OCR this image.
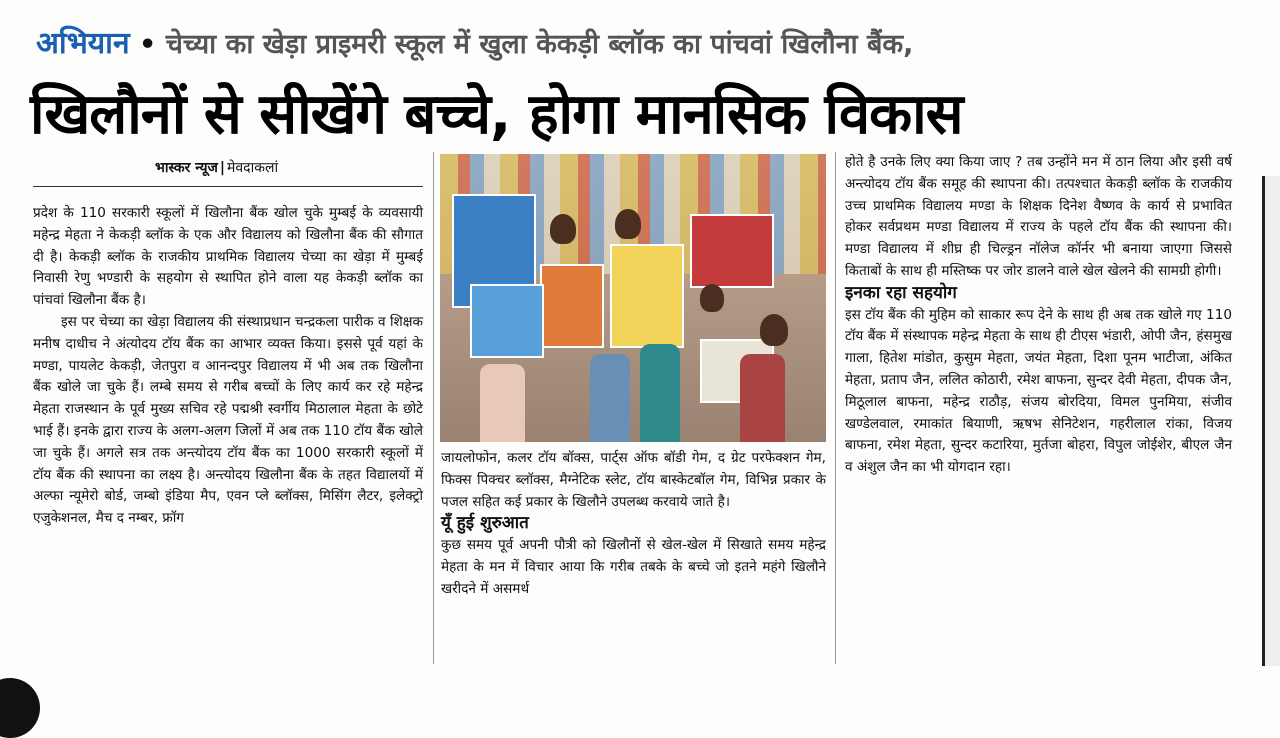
अभियान • चेच्या का खेड़ा प्राइमरी स्कूल में खुला केकड़ी ब्लॉक का पांचवां खिलौना बैंक,
खिलौनों से सीखेंगे बच्चे, होगा मानसिक विकास
भास्कर न्यूज | मेवदाकलां

प्रदेश के 110 सरकारी स्कूलों में खिलौना बैंक खोल चुके मुम्बई के व्यवसायी महेन्द्र मेहता ने केकड़ी ब्लॉक के एक और विद्यालय को खिलौना बैंक की सौगात दी है। केकड़ी ब्लॉक के राजकीय प्राथमिक विद्यालय चेच्या का खेड़ा में मुम्बई निवासी रेणु भण्डारी के सहयोग से स्थापित होने वाला यह केकड़ी ब्लॉक का पांचवां खिलौना बैंक है।

इस पर चेच्या का खेड़ा विद्यालय की संस्थाप्रधान चन्द्रकला पारीक व शिक्षक मनीष दाधीच ने अंत्योदय टॉय बैंक का आभार व्यक्त किया। इससे पूर्व यहां के मण्डा, पायलेट केकड़ी, जेतपुरा व आनन्दपुर विद्यालय में भी अब तक खिलौना बैंक खोले जा चुके हैं। लम्बे समय से गरीब बच्चों के लिए कार्य कर रहे महेन्द्र मेहता राजस्थान के पूर्व मुख्य सचिव रहे पद्मश्री स्वर्गीय मिठालाल मेहता के छोटे भाई हैं। इनके द्वारा राज्य के अलग-अलग जिलों में अब तक 110 टॉय बैंक खोले जा चुके हैं। अगले सत्र तक अन्त्योदय टॉय बैंक का 1000 सरकारी स्कूलों में टॉय बैंक की स्थापना का लक्ष्य है। अन्त्योदय खिलौना बैंक के तहत विद्यालयों में अल्फा न्यूमेरो बोर्ड, जम्बो इंडिया मैप, एवन प्ले ब्लॉक्स, मिसिंग लैटर, इलेक्ट्रो एजुकेशनल, मैच द नम्बर, फ्रॉग

जायलोफोन, कलर टॉय बॉक्स, पार्ट्स ऑफ बॉडी गेम, द ग्रेट परफेक्शन गेम, फिक्स पिक्चर ब्लॉक्स, मैग्नेटिक स्लेट, टॉय बास्केटबॉल गेम, विभिन्न प्रकार के पजल सहित कई प्रकार के खिलौने उपलब्ध करवाये जाते है।

यूँ हुई शुरुआत

कुछ समय पूर्व अपनी पौत्री को खिलौनों से खेल-खेल में सिखाते समय महेन्द्र मेहता के मन में विचार आया कि गरीब तबके के बच्चे जो इतने महंगे खिलौने खरीदने में असमर्थ

होते है उनके लिए क्या किया जाए ? तब उन्होंने मन में ठान लिया और इसी वर्ष अन्त्योदय टॉय बैंक समूह की स्थापना की। तत्पश्चात केकड़ी ब्लॉक के राजकीय उच्च प्राथमिक विद्यालय मण्डा के शिक्षक दिनेश वैष्णव के कार्य से प्रभावित होकर सर्वप्रथम मण्डा विद्यालय में राज्य के पहले टॉय बैंक की स्थापना की। मण्डा विद्यालय में शीघ्र ही चिल्ड्रन नॉलेज कॉर्नर भी बनाया जाएगा जिससे किताबों के साथ ही मस्तिष्क पर जोर डालने वाले खेल खेलने की सामग्री होगी।

इनका रहा सहयोग

इस टॉय बैंक की मुहिम को साकार रूप देने के साथ ही अब तक खोले गए 110 टॉय बैंक में संस्थापक महेन्द्र मेहता के साथ ही टीएस भंडारी, ओपी जैन, हंसमुख गाला, हितेश मांडोत, कुसुम मेहता, जयंत मेहता, दिशा पूनम भाटीजा, अंकित मेहता, प्रताप जैन, ललित कोठारी, रमेश बाफना, सुन्दर देवी मेहता, दीपक जैन, मिठूलाल बाफना, महेन्द्र राठौड़, संजय बोरदिया, विमल पुनमिया, संजीव खण्डेलवाल, रमाकांत बियाणी, ऋषभ सेनिटेशन, गहरीलाल रांका, विजय बाफना, रमेश मेहता, सुन्दर कटारिया, मुर्तजा बोहरा, विपुल जोईशेर, बीएल जैन व अंशुल जैन का भी योगदान रहा।
